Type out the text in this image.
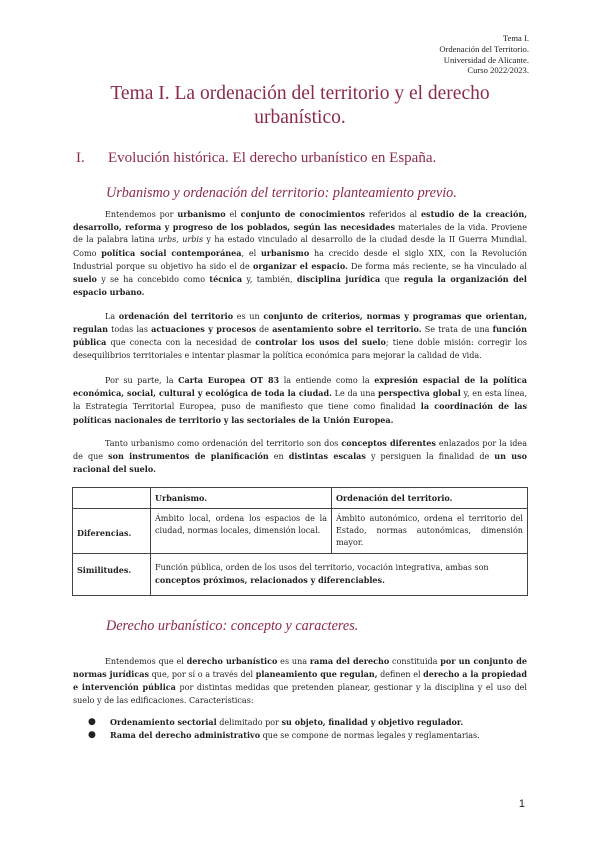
Tema I.
Ordenación del Territorio.
Universidad de Alicante.
Curso 2022/2023.
Tema I. La ordenación del territorio y el derecho
urbanístico.
I. Evolución histórica. El derecho urbanístico en España.
Urbanismo y ordenación del territorio: planteamiento previo.
Entendemos por urbanismo el conjunto de conocimientos referidos al estudio de la creación, desarrollo, reforma y progreso de los poblados, según las necesidades materiales de la vida. Proviene de la palabra latina urbs, urbis y ha estado vinculado al desarrollo de la ciudad desde la II Guerra Mundial. Como política social contemporánea, el urbanismo ha crecido desde el siglo XIX, con la Revolución Industrial porque su objetivo ha sido el de organizar el espacio. De forma más reciente, se ha vinculado al suelo y se ha concebido como técnica y, también, disciplina jurídica que regula la organización del espacio urbano.
La ordenación del territorio es un conjunto de criterios, normas y programas que orientan, regulan todas las actuaciones y procesos de asentamiento sobre el territorio. Se trata de una función pública que conecta con la necesidad de controlar los usos del suelo; tiene doble misión: corregir los desequilibrios territoriales e intentar plasmar la política económica para mejorar la calidad de vida.
Por su parte, la Carta Europea OT 83 la entiende como la expresión espacial de la política económica, social, cultural y ecológica de toda la ciudad. Le da una perspectiva global y, en esta línea, la Estrategia Territorial Europea, puso de manifiesto que tiene como finalidad la coordinación de las políticas nacionales de territorio y las sectoriales de la Unión Europea.
Tanto urbanismo como ordenación del territorio son dos conceptos diferentes enlazados por la idea de que son instrumentos de planificación en distintas escalas y persiguen la finalidad de un uso racional del suelo.
	Urbanismo.	Ordenación del territorio.
Diferencias.	Ámbito local, ordena los espacios de la ciudad, normas locales, dimensión local.	Ámbito autonómico, ordena el territorio del Estado, normas autonómicas, dimensión mayor.
Similitudes.	Función pública, orden de los usos del territorio, vocación integrativa, ambas son conceptos próximos, relacionados y diferenciables.	
Derecho urbanístico: concepto y caracteres.
Entendemos que el derecho urbanístico es una rama del derecho constituida por un conjunto de normas jurídicas que, por sí o a través del planeamiento que regulan, definen el derecho a la propiedad e intervención pública por distintas medidas que pretenden planear, gestionar y la disciplina y el uso del suelo y de las edificaciones. Características:
● Ordenamiento sectorial delimitado por su objeto, finalidad y objetivo regulador.
● Rama del derecho administrativo que se compone de normas legales y reglamentarias.
1
